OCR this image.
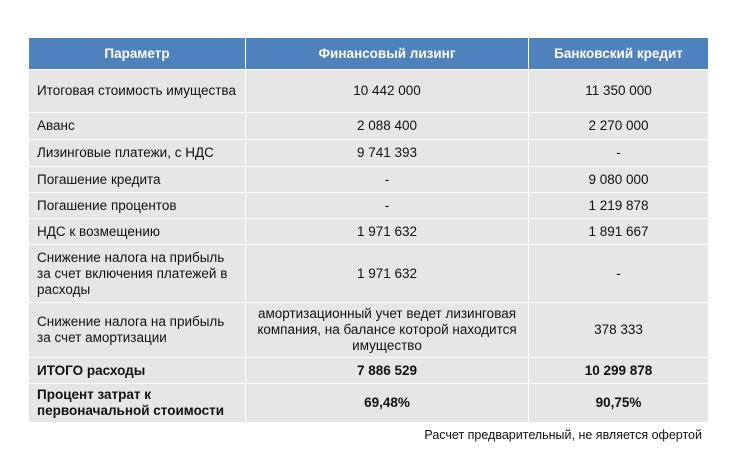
Параметр	Финансовый лизинг	Банковский кредит
Итоговая стоимость имущества	10 442 000	11 350 000
Аванс	2 088 400	2 270 000
Лизинговые платежи, с НДС	9 741 393	-
Погашение кредита	-	9 080 000
Погашение процентов	-	1 219 878
НДС к возмещению	1 971 632	1 891 667
Снижение налога на прибыль за счет включения платежей в расходы	1 971 632	-
Снижение налога на прибыль за счет амортизации	амортизационный учет ведет лизинговая компания, на балансе которой находится имущество	378 333
ИТОГО расходы	7 886 529	10 299 878
Процент затрат к первоначальной стоимости	69,48%	90,75%
Расчет предварительный, не является офертой
